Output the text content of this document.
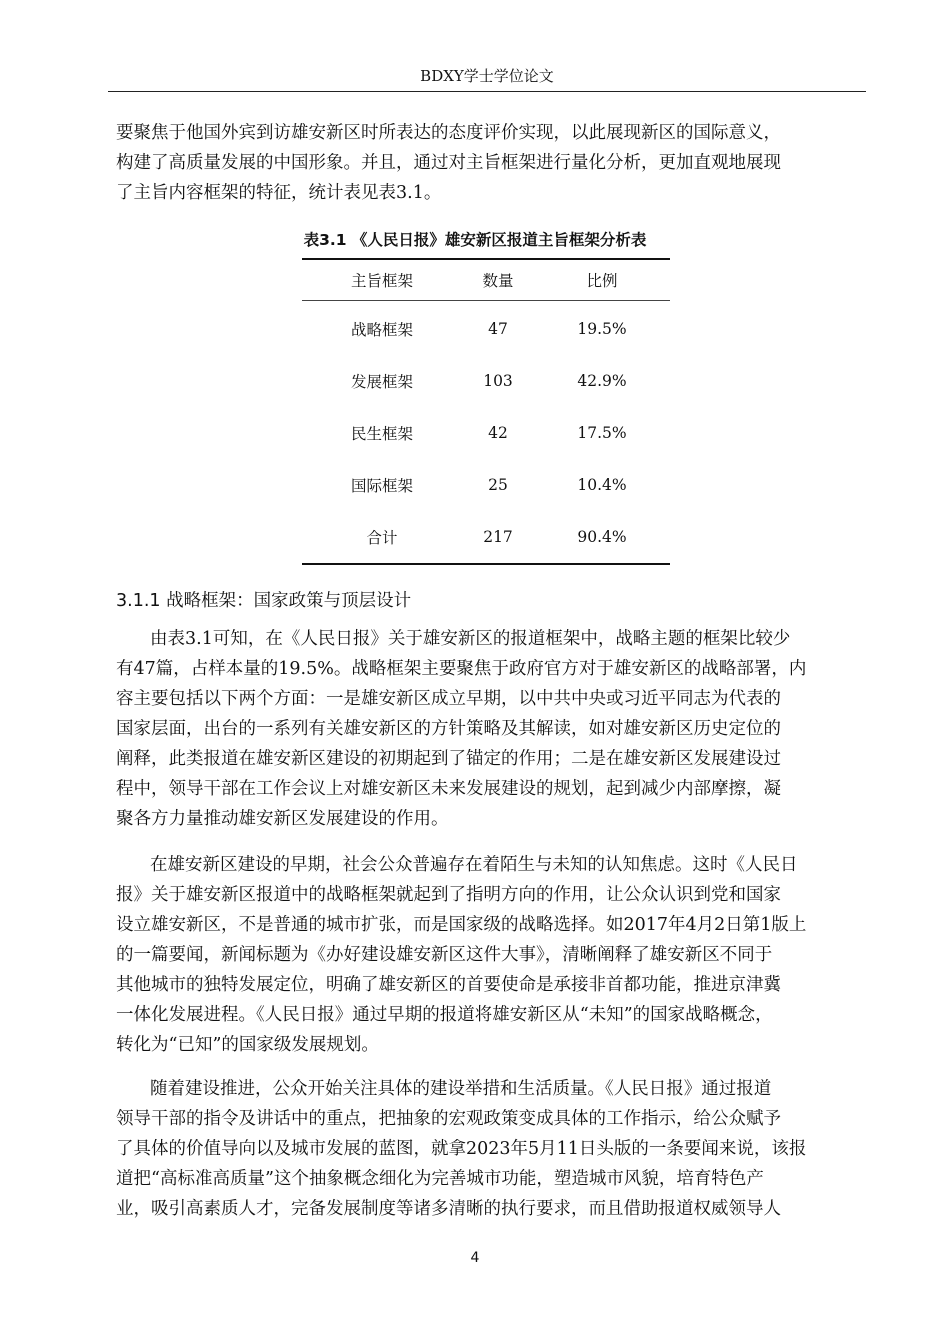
BDXY学士学位论文

要聚焦于他国外宾到访雄安新区时所表达的态度评价实现，以此展现新区的国际意义，
构建了高质量发展的中国形象。并且，通过对主旨框架进行量化分析，更加直观地展现
了主旨内容框架的特征，统计表见表3.1。

表3.1 《人民日报》雄安新区报道主旨框架分析表
主旨框架	数量	比例
战略框架	47	19.5%
发展框架	103	42.9%
民生框架	42	17.5%
国际框架	25	10.4%
合计	217	90.4%
3.1.1 战略框架：国家政策与顶层设计

由表3.1可知，在《人民日报》关于雄安新区的报道框架中，战略主题的框架比较少
有47篇，占样本量的19.5%。战略框架主要聚焦于政府官方对于雄安新区的战略部署，内
容主要包括以下两个方面：一是雄安新区成立早期，以中共中央或习近平同志为代表的
国家层面，出台的一系列有关雄安新区的方针策略及其解读，如对雄安新区历史定位的
阐释，此类报道在雄安新区建设的初期起到了锚定的作用；二是在雄安新区发展建设过
程中，领导干部在工作会议上对雄安新区未来发展建设的规划，起到减少内部摩擦，凝
聚各方力量推动雄安新区发展建设的作用。

在雄安新区建设的早期，社会公众普遍存在着陌生与未知的认知焦虑。这时《人民日
报》关于雄安新区报道中的战略框架就起到了指明方向的作用，让公众认识到党和国家
设立雄安新区，不是普通的城市扩张，而是国家级的战略选择。如2017年4月2日第1版上
的一篇要闻，新闻标题为《办好建设雄安新区这件大事》，清晰阐释了雄安新区不同于
其他城市的独特发展定位，明确了雄安新区的首要使命是承接非首都功能，推进京津冀
一体化发展进程。《人民日报》通过早期的报道将雄安新区从“未知”的国家战略概念，
转化为“已知”的国家级发展规划。

随着建设推进，公众开始关注具体的建设举措和生活质量。《人民日报》通过报道
领导干部的指令及讲话中的重点，把抽象的宏观政策变成具体的工作指示，给公众赋予
了具体的价值导向以及城市发展的蓝图，就拿2023年5月11日头版的一条要闻来说，该报
道把“高标准高质量”这个抽象概念细化为完善城市功能，塑造城市风貌，培育特色产
业，吸引高素质人才，完备发展制度等诸多清晰的执行要求，而且借助报道权威领导人

4
